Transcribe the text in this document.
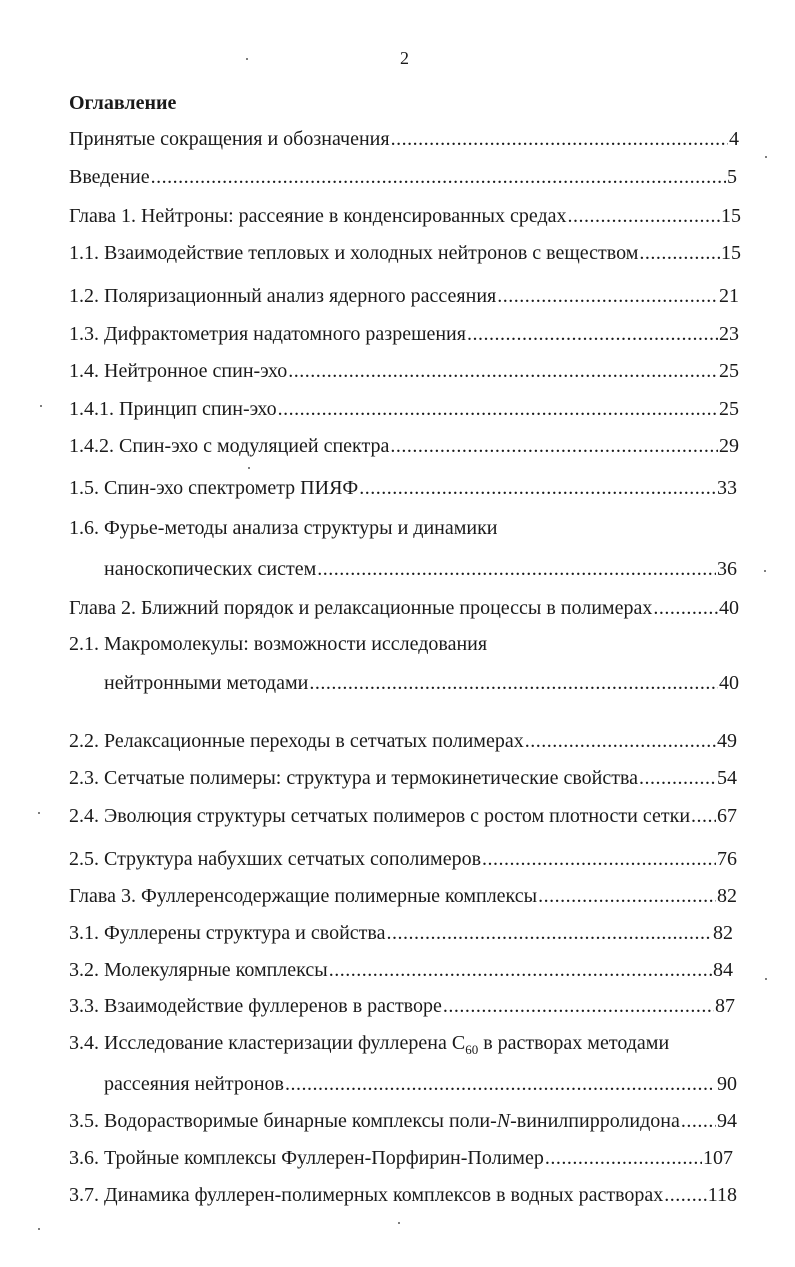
2
Оглавление
Принятые сокращения и обозначения .....	4
Введение .....	5
Глава 1. Нейтроны: рассеяние в конденсированных средах .....	15
1.1. Взаимодействие тепловых и холодных нейтронов с веществом .....	15
1.2. Поляризационный анализ ядерного рассеяния .....	21
1.3. Дифрактометрия надатомного разрешения .....	23
1.4. Нейтронное спин-эхо .....	25
1.4.1. Принцип спин-эхо .....	25
1.4.2. Спин-эхо с модуляцией спектра .....	29
1.5. Спин-эхо спектрометр ПИЯФ .....	33
1.6. Фурье-методы анализа структуры и динамики
наноскопических систем .....	36
Глава 2. Ближний порядок и релаксационные процессы в полимерах .....	40
2.1. Макромолекулы: возможности исследования
нейтронными методами .....	40
2.2. Релаксационные переходы в сетчатых полимерах .....	49
2.3. Сетчатые полимеры: структура и термокинетические свойства .....	54
2.4. Эволюция структуры сетчатых полимеров с ростом плотности сетки ..... 67
2.5. Структура набухших сетчатых сополимеров .....	76
Глава 3. Фуллеренсодержащие полимерные комплексы .....	82
3.1. Фуллерены структура и свойства .....	82
3.2. Молекулярные комплексы .....	84
3.3. Взаимодействие фуллеренов в растворе .....	87
3.4. Исследование кластеризации фуллерена $С_{60}$ в растворах методами
рассеяния нейтронов .....	90
3.5. Водорастворимые бинарные комплексы поли-N-винилпирролидона ..... 94
3.6. Тройные комплексы Фуллерен-Порфирин-Полимер .....	107
3.7. Динамика фуллерен-полимерных комплексов в водных растворах ..... 118
